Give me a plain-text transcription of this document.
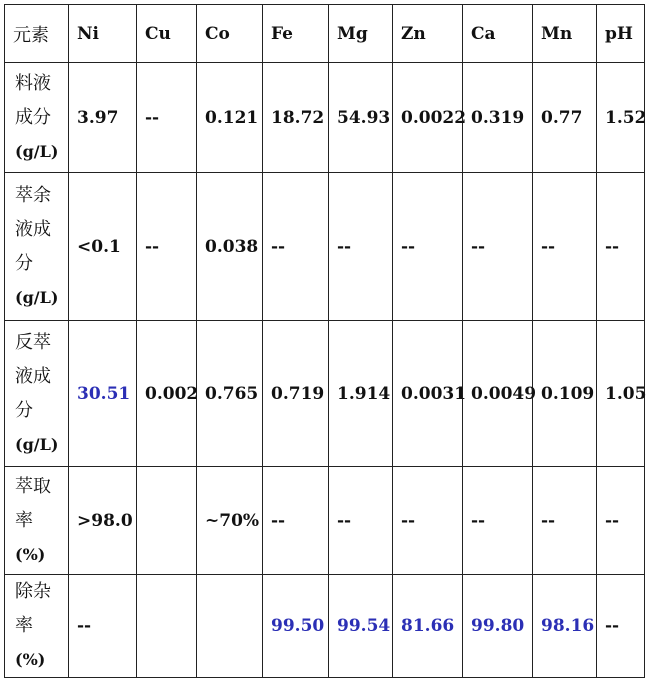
元素	Ni	Cu	Co	Fe	Mg	Zn	Ca	Mn	pH

料液
成分
(g/L)	3.97	--	0.121	18.72	54.93	0.0022	0.319	0.77	1.52

萃余
液成
分
(g/L)	<0.1	--	0.038	--	--	--	--	--	--

反萃
液成
分
(g/L)	30.51	0.002	0.765	0.719	1.914	0.0031	0.0049	0.109	1.05

萃取
率
(%)	>98.0		~70%	--	--	--	--	--	--

除杂
率
(%)	--			99.50	99.54	81.66	99.80	98.16	--
